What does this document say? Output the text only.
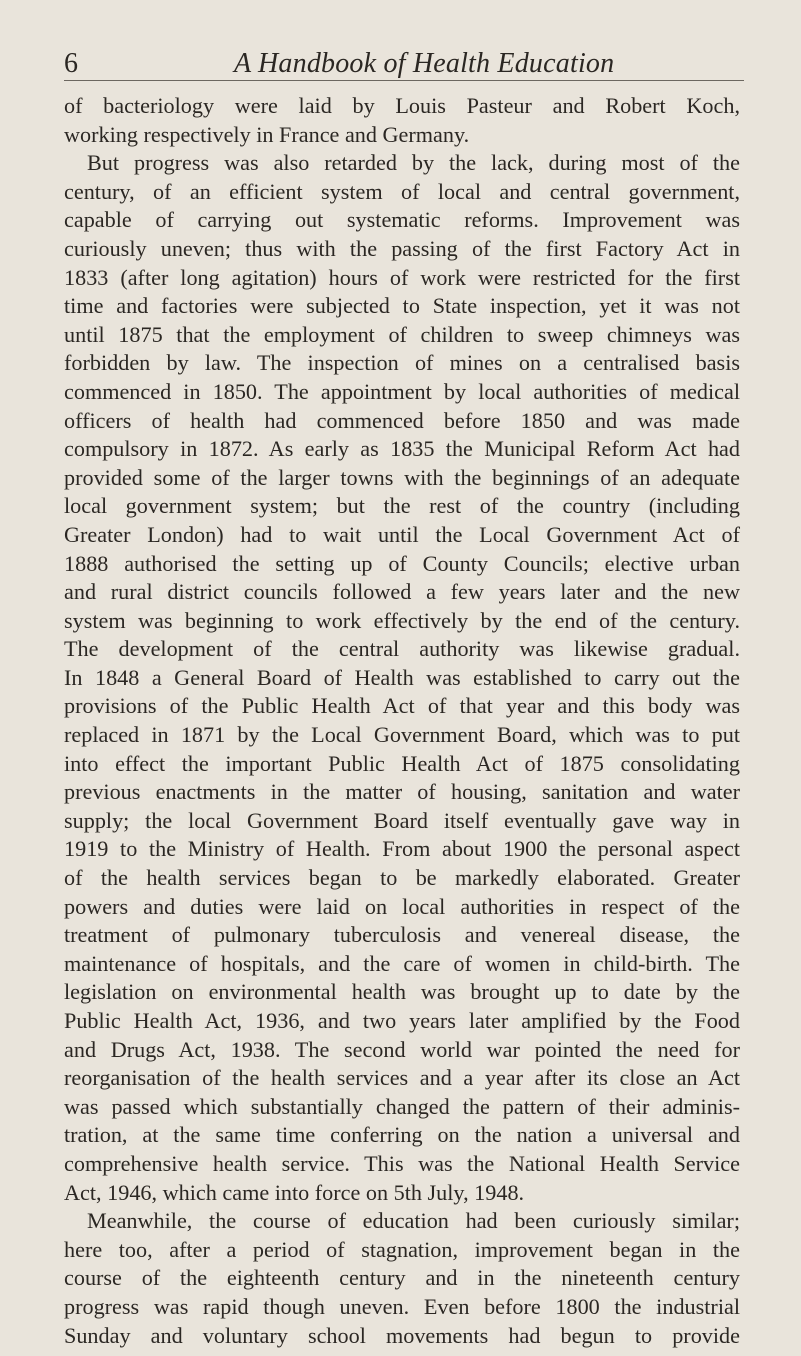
6	A Handbook of Health Education

of bacteriology were laid by Louis Pasteur and Robert Koch,
working respectively in France and Germany.

But progress was also retarded by the lack, during most of the
century, of an efficient system of local and central government,
capable of carrying out systematic reforms. Improvement was
curiously uneven; thus with the passing of the first Factory Act in
1833 (after long agitation) hours of work were restricted for the first
time and factories were subjected to State inspection, yet it was not
until 1875 that the employment of children to sweep chimneys was
forbidden by law. The inspection of mines on a centralised basis
commenced in 1850. The appointment by local authorities of medical
officers of health had commenced before 1850 and was made
compulsory in 1872. As early as 1835 the Municipal Reform Act had
provided some of the larger towns with the beginnings of an adequate
local government system; but the rest of the country (including
Greater London) had to wait until the Local Government Act of
1888 authorised the setting up of County Councils; elective urban
and rural district councils followed a few years later and the new
system was beginning to work effectively by the end of the century.
The development of the central authority was likewise gradual.
In 1848 a General Board of Health was established to carry out the
provisions of the Public Health Act of that year and this body was
replaced in 1871 by the Local Government Board, which was to put
into effect the important Public Health Act of 1875 consolidating
previous enactments in the matter of housing, sanitation and water
supply; the local Government Board itself eventually gave way in
1919 to the Ministry of Health. From about 1900 the personal aspect
of the health services began to be markedly elaborated. Greater
powers and duties were laid on local authorities in respect of the
treatment of pulmonary tuberculosis and venereal disease, the
maintenance of hospitals, and the care of women in child-birth. The
legislation on environmental health was brought up to date by the
Public Health Act, 1936, and two years later amplified by the Food
and Drugs Act, 1938. The second world war pointed the need for
reorganisation of the health services and a year after its close an Act
was passed which substantially changed the pattern of their adminis-
tration, at the same time conferring on the nation a universal and
comprehensive health service. This was the National Health Service
Act, 1946, which came into force on 5th July, 1948.

Meanwhile, the course of education had been curiously similar;
here too, after a period of stagnation, improvement began in the
course of the eighteenth century and in the nineteenth century
progress was rapid though uneven. Even before 1800 the industrial
Sunday and voluntary school movements had begun to provide
